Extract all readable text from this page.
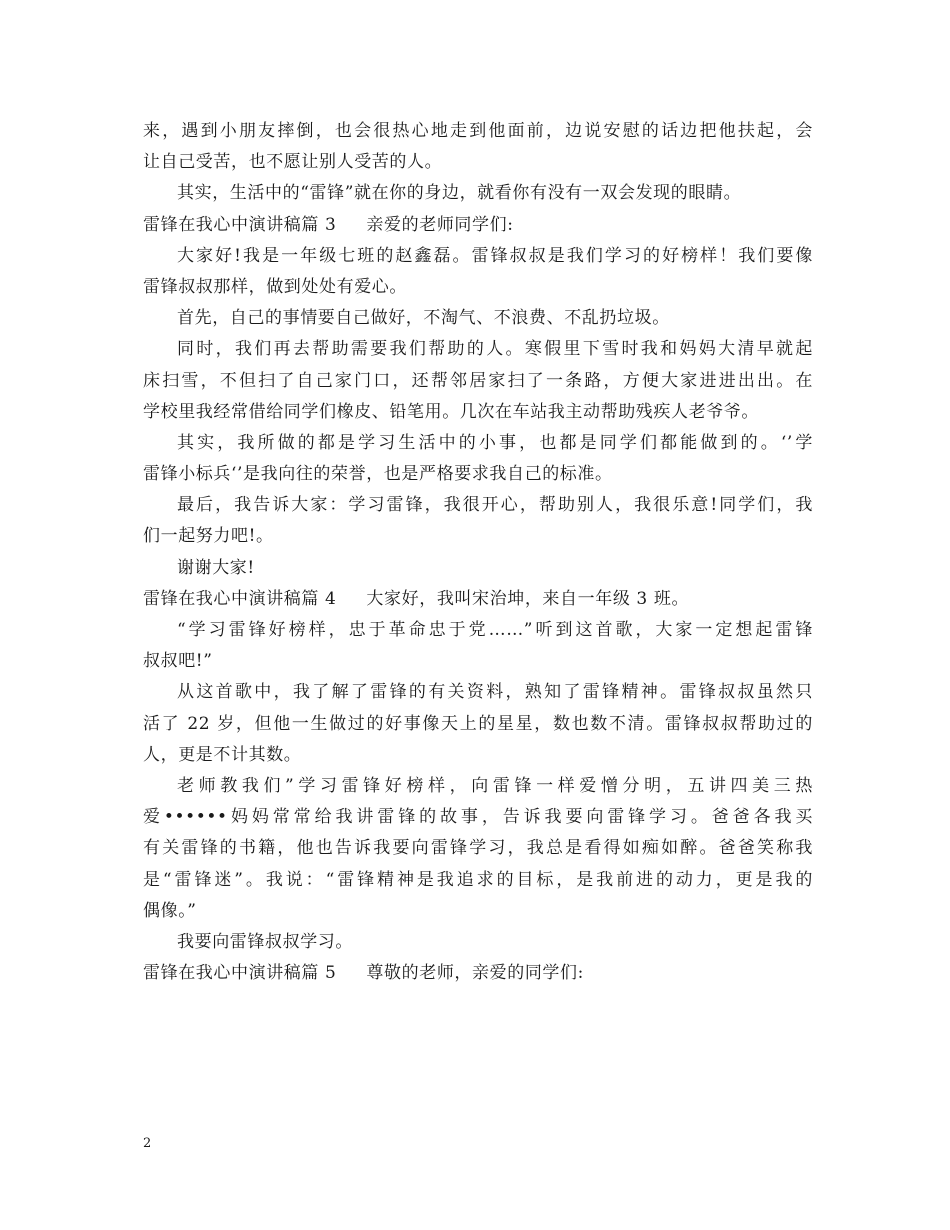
来，遇到小朋友摔倒，也会很热心地走到他面前，边说安慰的话边把他扶起，会
让自己受苦，也不愿让别人受苦的人。
其实，生活中的“雷锋”就在你的身边，就看你有没有一双会发现的眼睛。
雷锋在我心中演讲稿篇 3 亲爱的老师同学们:
大家好!我是一年级七班的赵鑫磊。雷锋叔叔是我们学习的好榜样！我们要像
雷锋叔叔那样，做到处处有爱心。
首先，自己的事情要自己做好，不淘气、不浪费、不乱扔垃圾。
同时，我们再去帮助需要我们帮助的人。寒假里下雪时我和妈妈大清早就起
床扫雪，不但扫了自己家门口，还帮邻居家扫了一条路，方便大家进进出出。在
学校里我经常借给同学们橡皮、铅笔用。几次在车站我主动帮助残疾人老爷爷。
其实，我所做的都是学习生活中的小事，也都是同学们都能做到的。‘’学
雷锋小标兵‘’是我向往的荣誉，也是严格要求我自己的标准。
最后，我告诉大家：学习雷锋，我很开心，帮助别人，我很乐意!同学们，我
们一起努力吧!。
谢谢大家!
雷锋在我心中演讲稿篇 4 大家好，我叫宋治坤，来自一年级 3 班。
“学习雷锋好榜样，忠于革命忠于党……”听到这首歌，大家一定想起雷锋
叔叔吧!”
从这首歌中，我了解了雷锋的有关资料，熟知了雷锋精神。雷锋叔叔虽然只
活了 22 岁，但他一生做过的好事像天上的星星，数也数不清。雷锋叔叔帮助过的
人，更是不计其数。
老师教我们”学习雷锋好榜样，向雷锋一样爱憎分明，五讲四美三热
爱••••••妈妈常常给我讲雷锋的故事，告诉我要向雷锋学习。爸爸各我买
有关雷锋的书籍，他也告诉我要向雷锋学习，我总是看得如痴如醉。爸爸笑称我
是“雷锋迷”。我说：“雷锋精神是我追求的目标，是我前进的动力，更是我的
偶像。”
我要向雷锋叔叔学习。
雷锋在我心中演讲稿篇 5 尊敬的老师，亲爱的同学们:
2
